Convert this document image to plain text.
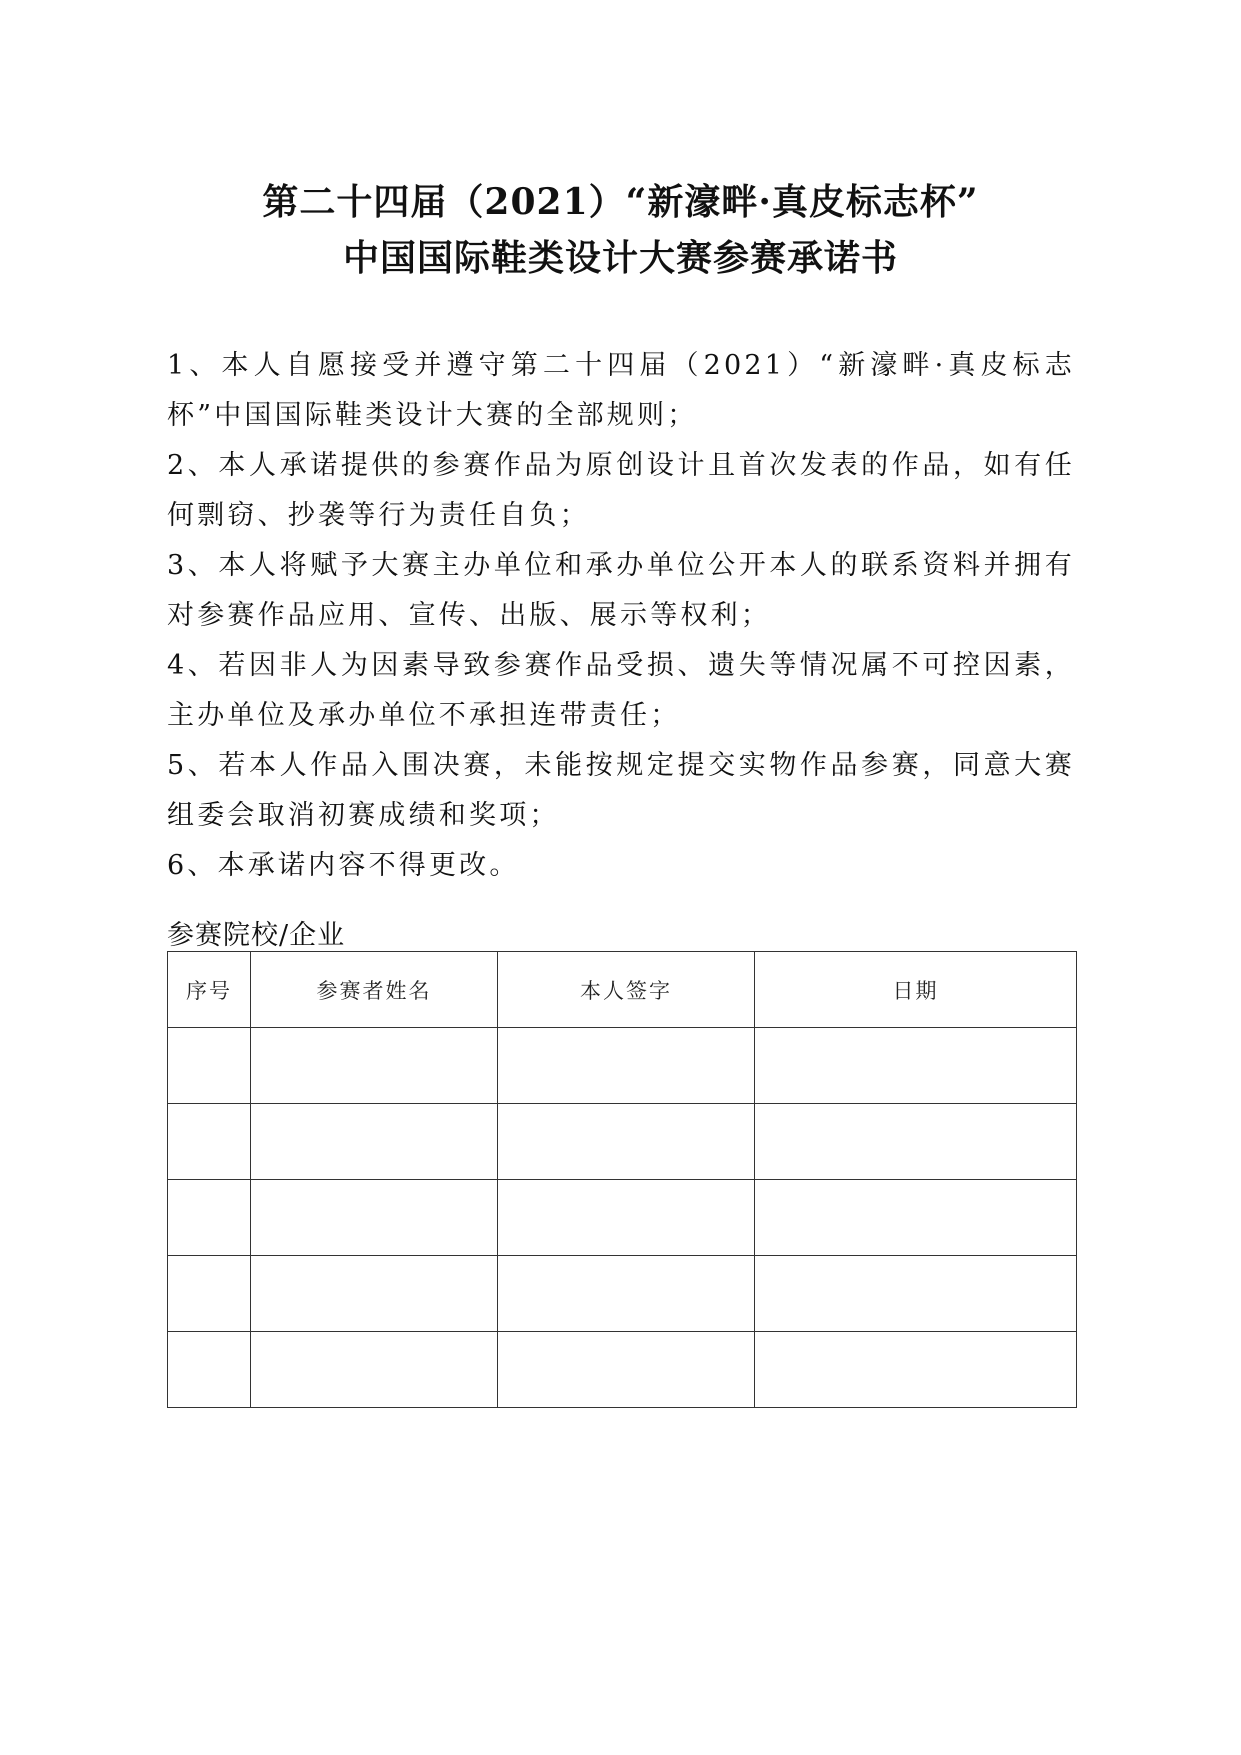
第二十四届（2021）“新濠畔·真皮标志杯”
中国国际鞋类设计大赛参赛承诺书

1、本人自愿接受并遵守第二十四届（2021）“新濠畔·真皮标志杯”中国国际鞋类设计大赛的全部规则；

2、本人承诺提供的参赛作品为原创设计且首次发表的作品，如有任何剽窃、抄袭等行为责任自负；

3、本人将赋予大赛主办单位和承办单位公开本人的联系资料并拥有对参赛作品应用、宣传、出版、展示等权利；

4、若因非人为因素导致参赛作品受损、遗失等情况属不可控因素，主办单位及承办单位不承担连带责任；

5、若本人作品入围决赛，未能按规定提交实物作品参赛，同意大赛组委会取消初赛成绩和奖项；

6、本承诺内容不得更改。

参赛院校/企业
序号	参赛者姓名	本人签字	日期
